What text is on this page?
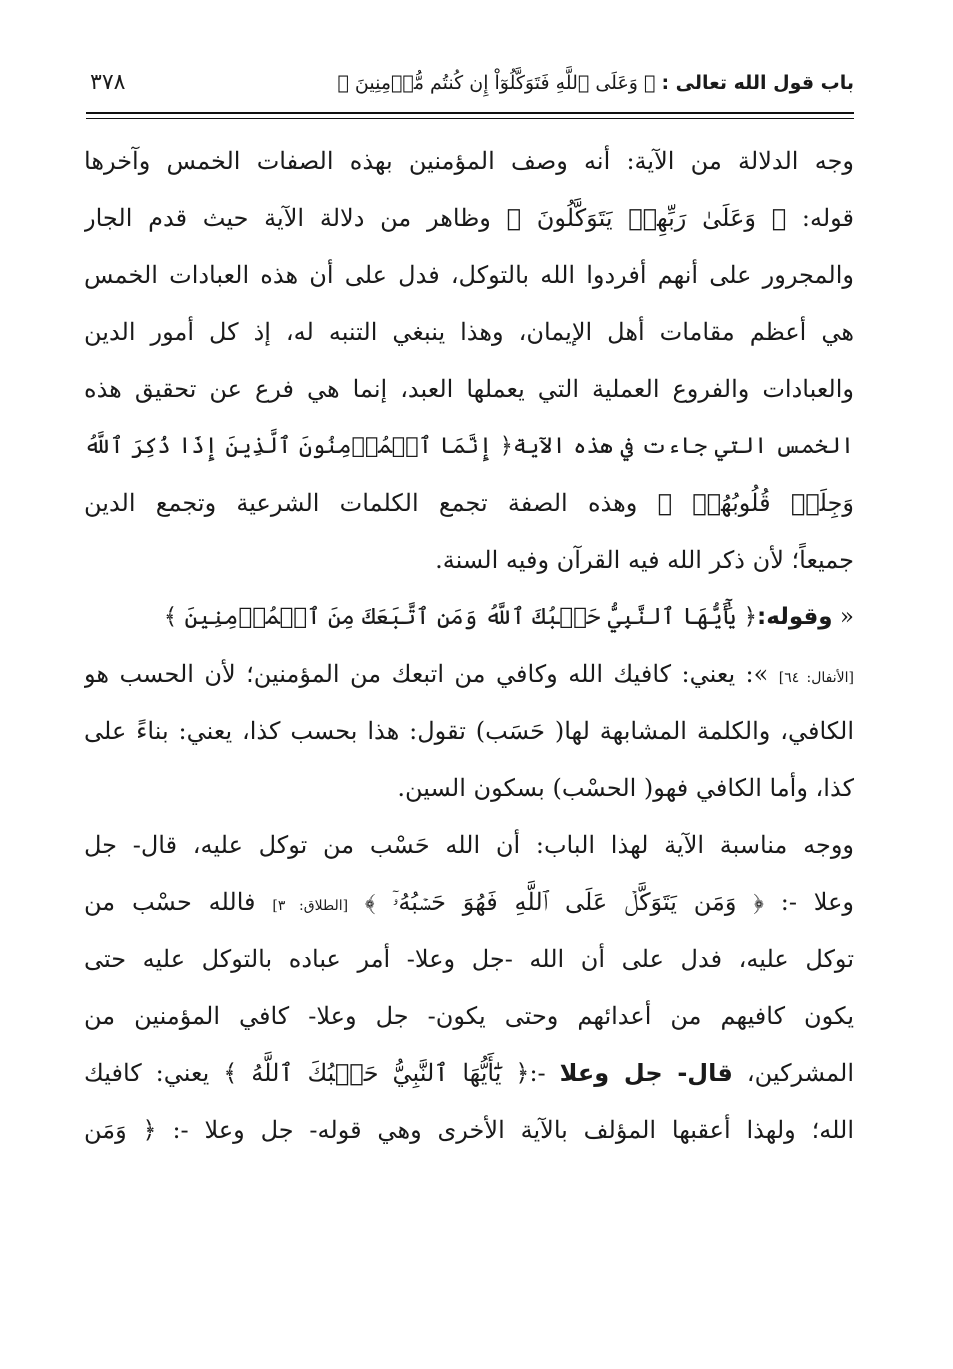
باب قول الله تعالى : ﴿ وَعَلَى ٱللَّهِ فَتَوَكَّلُوٓاْ إِن كُنتُم مُّؤۡمِنِينَ ﴾
٣٧٨
وجه الدلالة من الآية: أنه وصف المؤمنين بهذه الصفات الخمس وآخرها
قوله: ﴿ وَعَلَىٰ رَبِّهِمۡ يَتَوَكَّلُونَ ﴾ وظاهر من دلالة الآية حيث قدم الجار
والمجرور على أنهم أفردوا الله بالتوكل، فدل على أن هذه العبادات الخمس
هي أعظم مقامات أهل الإيمان، وهذا ينبغي التنبه له، إذ كل أمور الدين
والعبادات والفروع العملية التي يعملها العبد، إنما هي فرع عن تحقيق هذه
الخمس التي جاءت في هذه الآية﴿ إِنَّمَا ٱلۡمُؤۡمِنُونَ ٱلَّذِينَ إِذَا ذُكِرَ ٱللَّهُ
وَجِلَتۡ قُلُوبُهُمۡ ﴾ وهذه الصفة تجمع الكلمات الشرعية وتجمع الدين
جميعاً؛ لأن ذكر الله فيه القرآن وفيه السنة.
« وقوله:﴿ يَٰٓأَيُّهَا ٱلنَّبِيُّ حَسۡبُكَ ٱللَّهُ وَمَنِ ٱتَّبَعَكَ مِنَ ٱلۡمُؤۡمِنِينَ ﴾
[الأنفال: ٦٤] »: يعني: كافيك الله وكافي من اتبعك من المؤمنين؛ لأن الحسب هو
الكافي، والكلمة المشابهة لها( حَسَب) تقول: هذا بحسب كذا، يعني: بناءً على
كذا، وأما الكافي فهو( الحسْب) بسكون السين.
ووجه مناسبة الآية لهذا الباب: أن الله حَسْب من توكل عليه، قال- جل
وعلا -: ﴿ وَمَن يَتَوَكَّلۡ عَلَى ٱللَّهِ فَهُوَ حَسۡبُهُۥٓ ﴾ [الطلاق: ٣] فالله حسْب من
توكل عليه، فدل على أن الله -جل وعلا- أمر عباده بالتوكل عليه حتى
يكون كافيهم من أعدائهم وحتى يكون- جل وعلا- كافي المؤمنين من
المشركين، قال- جل وعلا -:﴿ يَٰٓأَيُّهَا ٱلنَّبِيُّ حَسۡبُكَ ٱللَّهُ ﴾ يعني: كافيك
الله؛ ولهذا أعقبها المؤلف بالآية الأخرى وهي قوله- جل وعلا -: ﴿ وَمَن
